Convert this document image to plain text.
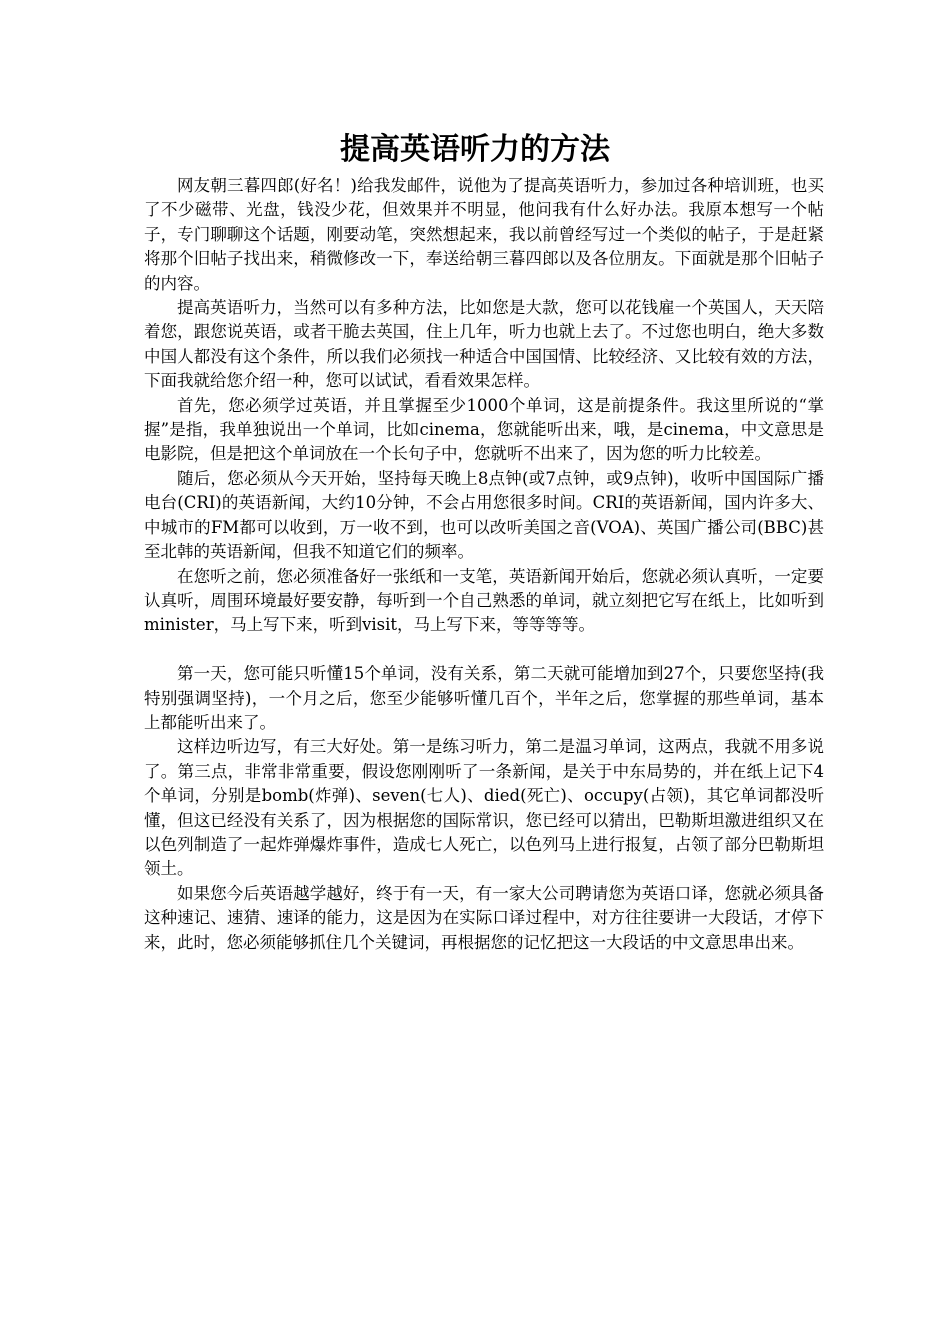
提高英语听力的方法

网友朝三暮四郎(好名！)给我发邮件，说他为了提高英语听力，参加过各种培训班，也买了不少磁带、光盘，钱没少花，但效果并不明显，他问我有什么好办法。我原本想写一个帖子，专门聊聊这个话题，刚要动笔，突然想起来，我以前曾经写过一个类似的帖子，于是赶紧将那个旧帖子找出来，稍微修改一下，奉送给朝三暮四郎以及各位朋友。下面就是那个旧帖子的内容。

提高英语听力，当然可以有多种方法，比如您是大款，您可以花钱雇一个英国人，天天陪着您，跟您说英语，或者干脆去英国，住上几年，听力也就上去了。不过您也明白，绝大多数中国人都没有这个条件，所以我们必须找一种适合中国国情、比较经济、又比较有效的方法，下面我就给您介绍一种，您可以试试，看看效果怎样。

首先，您必须学过英语，并且掌握至少1000个单词，这是前提条件。我这里所说的“掌握”是指，我单独说出一个单词，比如cinema，您就能听出来，哦，是cinema，中文意思是电影院，但是把这个单词放在一个长句子中，您就听不出来了，因为您的听力比较差。

随后，您必须从今天开始，坚持每天晚上8点钟(或7点钟，或9点钟)，收听中国国际广播电台(CRI)的英语新闻，大约10分钟，不会占用您很多时间。CRI的英语新闻，国内许多大、中城市的FM都可以收到，万一收不到，也可以改听美国之音(VOA)、英国广播公司(BBC)甚至北韩的英语新闻，但我不知道它们的频率。

在您听之前，您必须准备好一张纸和一支笔，英语新闻开始后，您就必须认真听，一定要认真听，周围环境最好要安静，每听到一个自己熟悉的单词，就立刻把它写在纸上，比如听到minister，马上写下来，听到visit，马上写下来，等等等等。

第一天，您可能只听懂15个单词，没有关系，第二天就可能增加到27个，只要您坚持(我特别强调坚持)，一个月之后，您至少能够听懂几百个，半年之后，您掌握的那些单词，基本上都能听出来了。

这样边听边写，有三大好处。第一是练习听力，第二是温习单词，这两点，我就不用多说了。第三点，非常非常重要，假设您刚刚听了一条新闻，是关于中东局势的，并在纸上记下4个单词，分别是bomb(炸弹)、seven(七人)、died(死亡)、occupy(占领)，其它单词都没听懂，但这已经没有关系了，因为根据您的国际常识，您已经可以猜出，巴勒斯坦激进组织又在以色列制造了一起炸弹爆炸事件，造成七人死亡，以色列马上进行报复，占领了部分巴勒斯坦领土。

如果您今后英语越学越好，终于有一天，有一家大公司聘请您为英语口译，您就必须具备这种速记、速猜、速译的能力，这是因为在实际口译过程中，对方往往要讲一大段话，才停下来，此时，您必须能够抓住几个关键词，再根据您的记忆把这一大段话的中文意思串出来。
